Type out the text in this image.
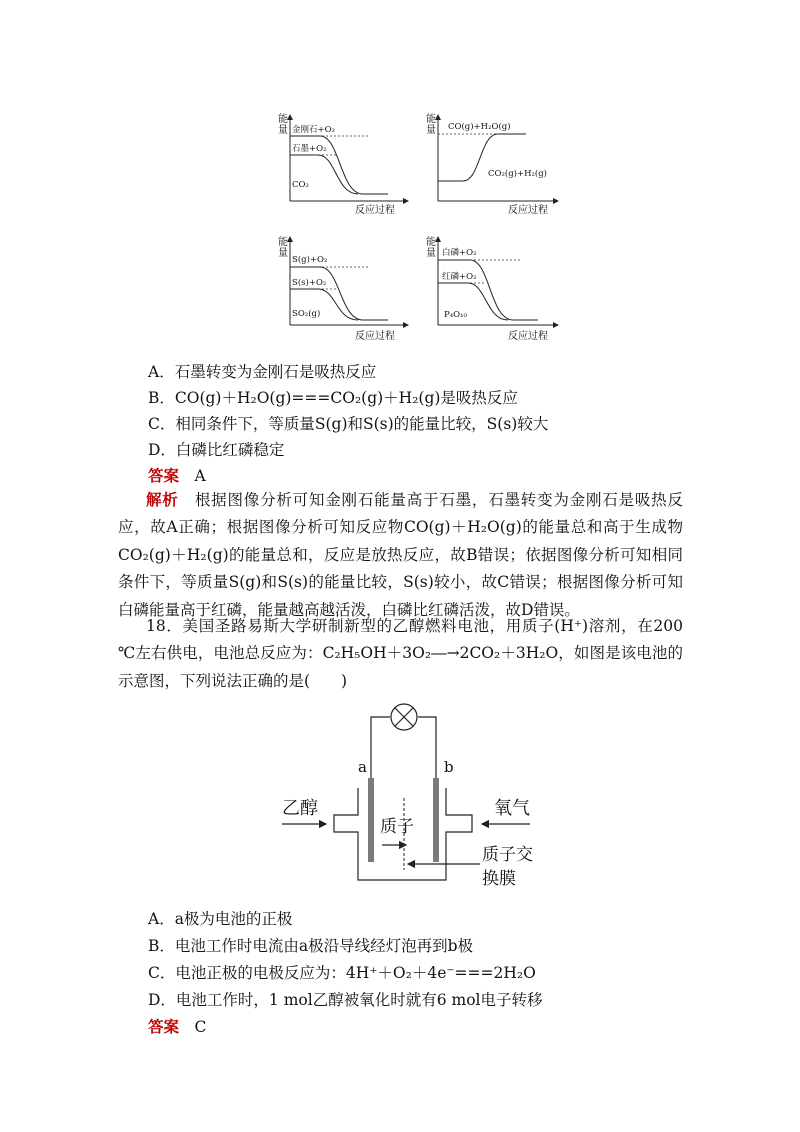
能
量
反应过程
金刚石+O₂
石墨+O₂
CO₂
能
量
反应过程
CO(g)+H₂O(g)
CO₂(g)+H₂(g)
能
量
反应过程
S(g)+O₂
S(s)+O₂
SO₂(g)
能
量
反应过程
白磷+O₂
红磷+O₂
P₄O₁₀
A．石墨转变为金刚石是吸热反应
B．CO(g)＋H₂O(g)===CO₂(g)＋H₂(g)是吸热反应
C．相同条件下，等质量S(g)和S(s)的能量比较，S(s)较大
D．白磷比红磷稳定
答案　 A
解析　 根据图像分析可知金刚石能量高于石墨，石墨转变为金刚石是吸热反应，故A正确；根据图像分析可知反应物CO(g)＋H₂O(g)的能量总和高于生成物CO₂(g)＋H₂(g)的能量总和，反应是放热反应，故B错误；依据图像分析可知相同条件下，等质量S(g)和S(s)的能量比较，S(s)较小，故C错误；根据图像分析可知白磷能量高于红磷，能量越高越活泼，白磷比红磷活泼，故D错误。
18．美国圣路易斯大学研制新型的乙醇燃料电池，用质子(H⁺)溶剂，在200 ℃左右供电，电池总反应为：C₂H₅OH＋3O₂―→2CO₂＋3H₂O，如图是该电池的示意图，下列说法正确的是(　　)
a	b
质子
乙醇	氧气
质子交
换膜
A．a极为电池的正极
B．电池工作时电流由a极沿导线经灯泡再到b极
C．电池正极的电极反应为：4H⁺＋O₂＋4e⁻===2H₂O
D．电池工作时，1 mol乙醇被氧化时就有6 mol电子转移
答案　 C
